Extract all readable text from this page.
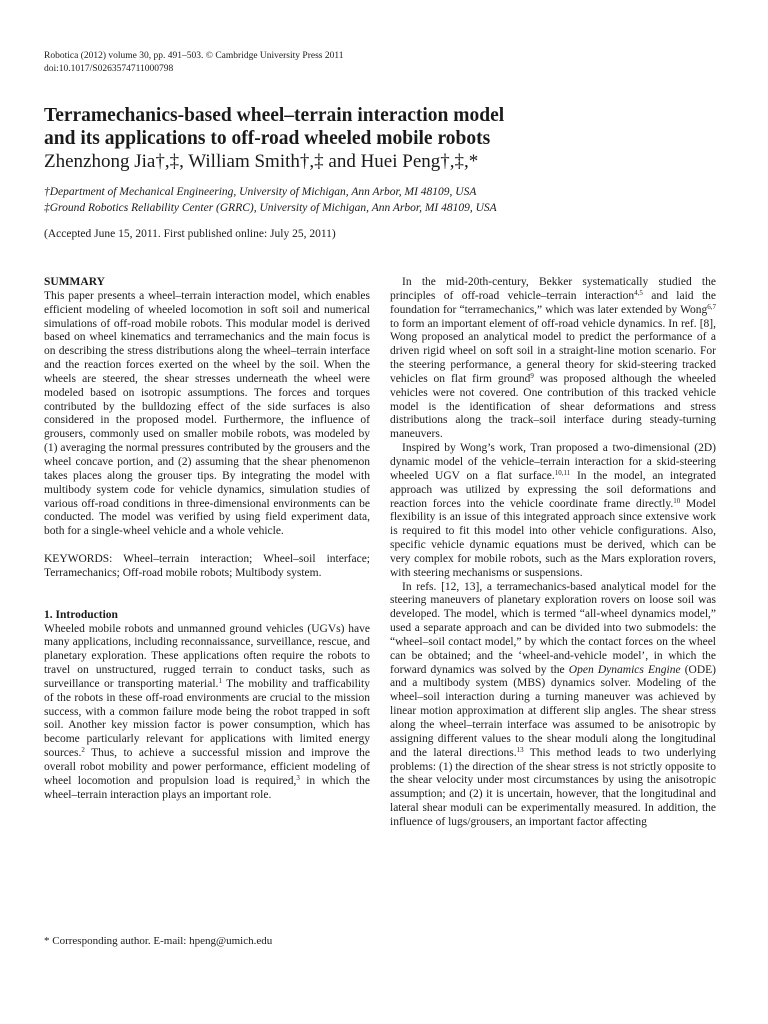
Robotica (2012) volume 30, pp. 491–503. © Cambridge University Press 2011
doi:10.1017/S0263574711000798
Terramechanics-based wheel–terrain interaction model
and its applications to off-road wheeled mobile robots
Zhenzhong Jia†,‡, William Smith†,‡ and Huei Peng†,‡,*
†Department of Mechanical Engineering, University of Michigan, Ann Arbor, MI 48109, USA
‡Ground Robotics Reliability Center (GRRC), University of Michigan, Ann Arbor, MI 48109, USA
(Accepted June 15, 2011. First published online: July 25, 2011)

SUMMARY

This paper presents a wheel–terrain interaction model, which enables efficient modeling of wheeled locomotion in soft soil and numerical simulations of off-road mobile robots. This modular model is derived based on wheel kinematics and terramechanics and the main focus is on describing the stress distributions along the wheel–terrain interface and the reaction forces exerted on the wheel by the soil. When the wheels are steered, the shear stresses underneath the wheel were modeled based on isotropic assumptions. The forces and torques contributed by the bulldozing effect of the side surfaces is also considered in the proposed model. Furthermore, the influence of grousers, commonly used on smaller mobile robots, was modeled by (1) averaging the normal pressures contributed by the grousers and the wheel concave portion, and (2) assuming that the shear phenomenon takes places along the grouser tips. By integrating the model with multibody system code for vehicle dynamics, simulation studies of various off-road conditions in three-dimensional environments can be conducted. The model was verified by using field experiment data, both for a single-wheel vehicle and a whole vehicle.

KEYWORDS: Wheel–terrain interaction; Wheel–soil interface; Terramechanics; Off-road mobile robots; Multibody system.

1. Introduction

Wheeled mobile robots and unmanned ground vehicles (UGVs) have many applications, including reconnaissance, surveillance, rescue, and planetary exploration. These applications often require the robots to travel on unstructured, rugged terrain to conduct tasks, such as surveillance or transporting material.$^1$ The mobility and trafficability of the robots in these off-road environments are crucial to the mission success, with a common failure mode being the robot trapped in soft soil. Another key mission factor is power consumption, which has become particularly relevant for applications with limited energy sources.$^2$ Thus, to achieve a successful mission and improve the overall robot mobility and power performance, efficient modeling of wheel locomotion and propulsion load is required,$^3$ in which the wheel–terrain interaction plays an important role.

* Corresponding author. E-mail: hpeng@umich.edu

In the mid-20th-century, Bekker systematically studied the principles of off-road vehicle–terrain interaction$^{4,5}$ and laid the foundation for “terramechanics,” which was later extended by Wong$^{6,7}$ to form an important element of off-road vehicle dynamics. In ref. [8], Wong proposed an analytical model to predict the performance of a driven rigid wheel on soft soil in a straight-line motion scenario. For the steering performance, a general theory for skid-steering tracked vehicles on flat firm ground$^9$ was proposed although the wheeled vehicles were not covered. One contribution of this tracked vehicle model is the identification of shear deformations and stress distributions along the track–soil interface during steady-turning maneuvers.

Inspired by Wong’s work, Tran proposed a two-dimensional (2D) dynamic model of the vehicle–terrain interaction for a skid-steering wheeled UGV on a flat surface.$^{10,11}$ In the model, an integrated approach was utilized by expressing the soil deformations and reaction forces into the vehicle coordinate frame directly.$^{10}$ Model flexibility is an issue of this integrated approach since extensive work is required to fit this model into other vehicle configurations. Also, specific vehicle dynamic equations must be derived, which can be very complex for mobile robots, such as the Mars exploration rovers, with steering mechanisms or suspensions.

In refs. [12, 13], a terramechanics-based analytical model for the steering maneuvers of planetary exploration rovers on loose soil was developed. The model, which is termed “all-wheel dynamics model,” used a separate approach and can be divided into two submodels: the “wheel–soil contact model,” by which the contact forces on the wheel can be obtained; and the ‘wheel-and-vehicle model’, in which the forward dynamics was solved by the Open Dynamics Engine (ODE) and a multibody system (MBS) dynamics solver. Modeling of the wheel–soil interaction during a turning maneuver was achieved by linear motion approximation at different slip angles. The shear stress along the wheel–terrain interface was assumed to be anisotropic by assigning different values to the shear moduli along the longitudinal and the lateral directions.$^{13}$ This method leads to two underlying problems: (1) the direction of the shear stress is not strictly opposite to the shear velocity under most circumstances by using the anisotropic assumption; and (2) it is uncertain, however, that the longitudinal and lateral shear moduli can be experimentally measured. In addition, the influence of lugs/grousers, an important factor affecting
